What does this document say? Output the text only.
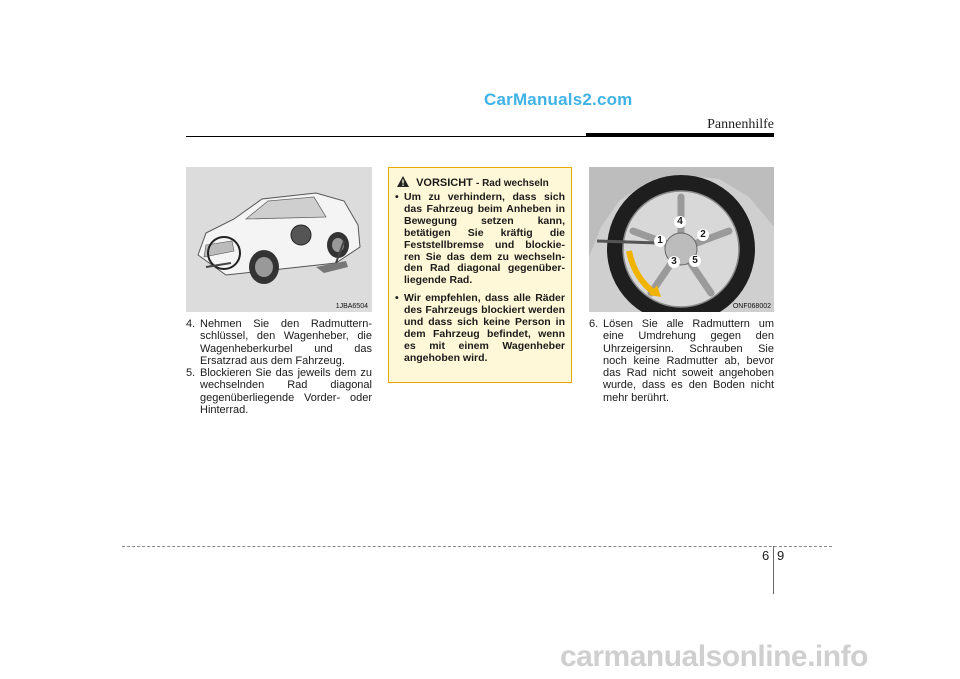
CarManuals2.com
Pannenhilfe
1JBA6504
4. Nehmen Sie den Radmuttern-schlüssel, den Wagenheber, die Wagenheberkurbel und das Ersatzrad aus dem Fahrzeug.
5. Blockieren Sie das jeweils dem zu wechselnden Rad diagonal gegenüberliegende Vorder- oder Hinterrad.
VORSICHT - Rad wechseln
• Um zu verhindern, dass sich das Fahrzeug beim Anheben in Bewegung setzen kann, betätigen Sie kräftig die Feststellbremse und blockie-ren Sie das dem zu wechseln-den Rad diagonal gegenüber-liegende Rad.
• Wir empfehlen, dass alle Räder des Fahrzeugs blockiert werden und dass sich keine Person in dem Fahrzeug befindet, wenn es mit einem Wagenheber angehoben wird.
4
1
2
3	5
ONF068002
6. Lösen Sie alle Radmuttern um eine Umdrehung gegen den Uhrzeigersinn. Schrauben Sie noch keine Radmutter ab, bevor das Rad nicht soweit angehoben wurde, dass es den Boden nicht mehr berührt.
6 9
carmanualsonline.info
